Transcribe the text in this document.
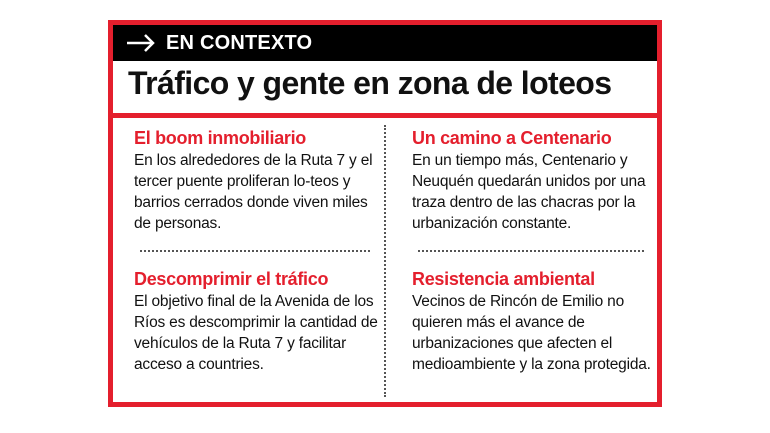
EN CONTEXTO
Tráfico y gente en zona de loteos
El boom inmobiliario
En los alrededores de la Ruta 7 y el tercer puente proliferan lo-teos y barrios cerrados donde viven miles de personas.
Un camino a Centenario
En un tiempo más, Centenario y Neuquén quedarán unidos por una traza dentro de las chacras por la urbanización constante.
Descomprimir el tráfico
El objetivo final de la Avenida de los Ríos es descomprimir la cantidad de vehículos de la Ruta 7 y facilitar acceso a countries.
Resistencia ambiental
Vecinos de Rincón de Emilio no quieren más el avance de urbanizaciones que afecten el medioambiente y la zona protegida.
